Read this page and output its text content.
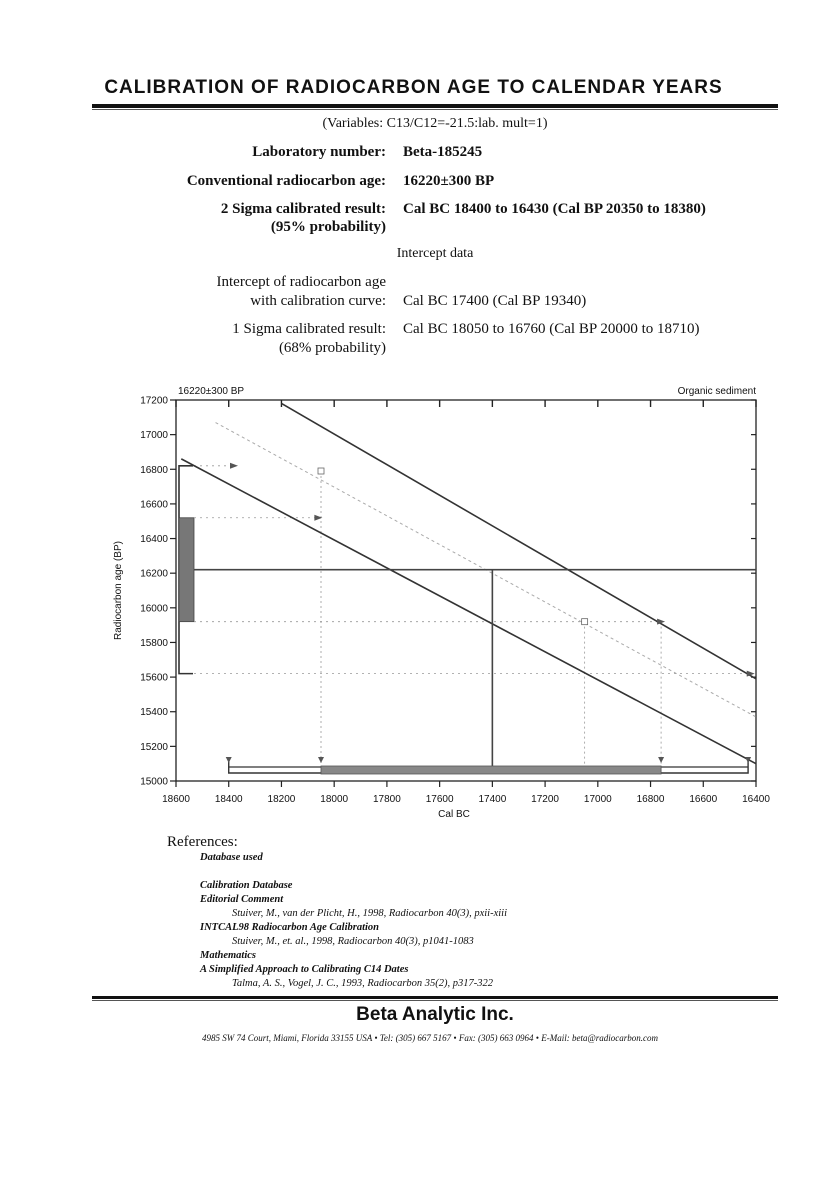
CALIBRATION OF RADIOCARBON AGE TO CALENDAR YEARS
(Variables: C13/C12=-21.5:lab. mult=1)
Laboratory number: Beta-185245
Conventional radiocarbon age: 16220±300 BP
2 Sigma calibrated result:
(95% probability)
Cal BC 18400 to 16430 (Cal BP 20350 to 18380)
Intercept data
Intercept of radiocarbon age
with calibration curve: Cal BC 17400 (Cal BP 19340)
1 Sigma calibrated result:
(68% probability)
Cal BC 18050 to 16760 (Cal BP 20000 to 18710)
15000
15200
15400
15600
15800
16000
16200
16400
16600
16800
17000
17200
18600 18400 18200 18000 17800 17600 17400 17200 17000 16800 16600 16400
Cal BC
Radiocarbon age (BP)
16220±300 BP	Organic sediment
References:
Database used
Calibration Database
Editorial Comment
Stuiver, M., van der Plicht, H., 1998, Radiocarbon 40(3), pxii-xiii
INTCAL98 Radiocarbon Age Calibration
Stuiver, M., et. al., 1998, Radiocarbon 40(3), p1041-1083
Mathematics
A Simplified Approach to Calibrating C14 Dates
Talma, A. S., Vogel, J. C., 1993, Radiocarbon 35(2), p317-322
Beta Analytic Inc.
4985 SW 74 Court, Miami, Florida 33155 USA • Tel: (305) 667 5167 • Fax: (305) 663 0964 • E-Mail: beta@radiocarbon.com
